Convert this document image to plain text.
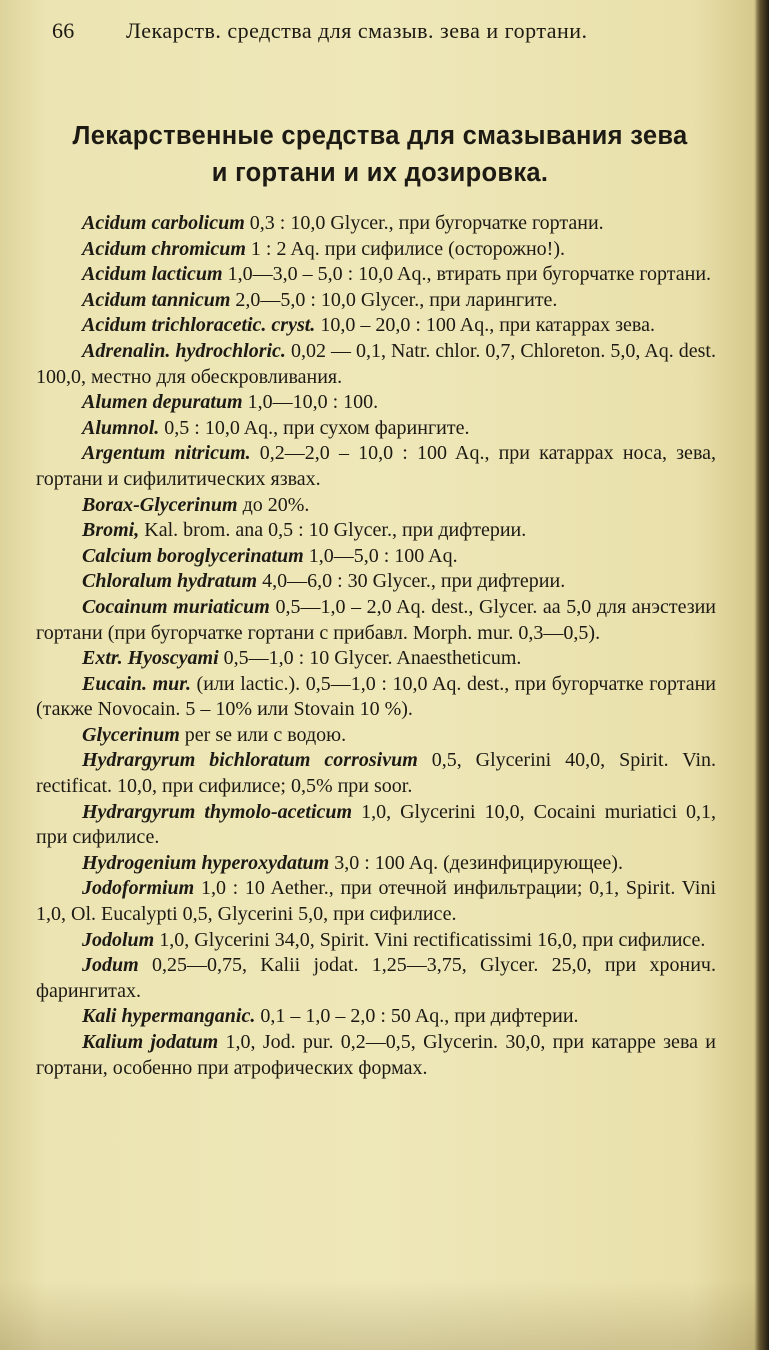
66 Лекарств. средства для смазыв. зева и гортани.
Лекарственные средства для смазывания зева
и гортани и их дозировка.

Acidum carbolicum 0,3 : 10,0 Glycer., при бугорчатке гортани.

Acidum chromicum 1 : 2 Aq. при сифилисе (осторожно!).

Acidum lacticum 1,0—3,0 – 5,0 : 10,0 Aq., втирать при бугорчатке гортани.

Acidum tannicum 2,0—5,0 : 10,0 Glycer., при ларингите.

Acidum trichloracetic. cryst. 10,0 – 20,0 : 100 Aq., при катаррах зева.

Adrenalin. hydrochloric. 0,02 — 0,1, Natr. chlor. 0,7, Chloreton. 5,0, Aq. dest. 100,0, местно для обескровливания.

Alumen depuratum 1,0—10,0 : 100.

Alumnol. 0,5 : 10,0 Aq., при сухом фарингите.

Argentum nitricum. 0,2—2,0 – 10,0 : 100 Aq., при катаррах носа, зева, гортани и сифилитических язвах.

Borax-Glycerinum до 20%.

Bromi, Kal. brom. ana 0,5 : 10 Glycer., при дифтерии.

Calcium boroglycerinatum 1,0—5,0 : 100 Aq.

Chloralum hydratum 4,0—6,0 : 30 Glycer., при дифтерии.

Cocainum muriaticum 0,5—1,0 – 2,0 Aq. dest., Glycer. aa 5,0 для анэстезии гортани (при бугорчатке гортани с прибавл. Morph. mur. 0,3—0,5).

Extr. Hyoscyami 0,5—1,0 : 10 Glycer. Anaestheticum.

Eucain. mur. (или lactic.). 0,5—1,0 : 10,0 Aq. dest., при бугорчатке гортани (также Novocain. 5 – 10% или Stovain 10 %).

Glycerinum per se или с водою.

Hydrargyrum bichloratum corrosivum 0,5, Glycerini 40,0, Spirit. Vin. rectificat. 10,0, при сифилисе; 0,5% при soor.

Hydrargyrum thymolo-aceticum 1,0, Glycerini 10,0, Cocaini muriatici 0,1, при сифилисе.

Hydrogenium hyperoxydatum 3,0 : 100 Aq. (дезинфицирующее).

Jodoformium 1,0 : 10 Aether., при отечной инфильтрации; 0,1, Spirit. Vini 1,0, Ol. Eucalypti 0,5, Glycerini 5,0, при сифилисе.

Jodolum 1,0, Glycerini 34,0, Spirit. Vini rectificatissimi 16,0, при сифилисе.

Jodum 0,25—0,75, Kalii jodat. 1,25—3,75, Glycer. 25,0, при хронич. фарингитах.

Kali hypermanganic. 0,1 – 1,0 – 2,0 : 50 Aq., при дифтерии.

Kalium jodatum 1,0, Jod. pur. 0,2—0,5, Glycerin. 30,0, при катарре зева и гортани, особенно при атрофических формах.
